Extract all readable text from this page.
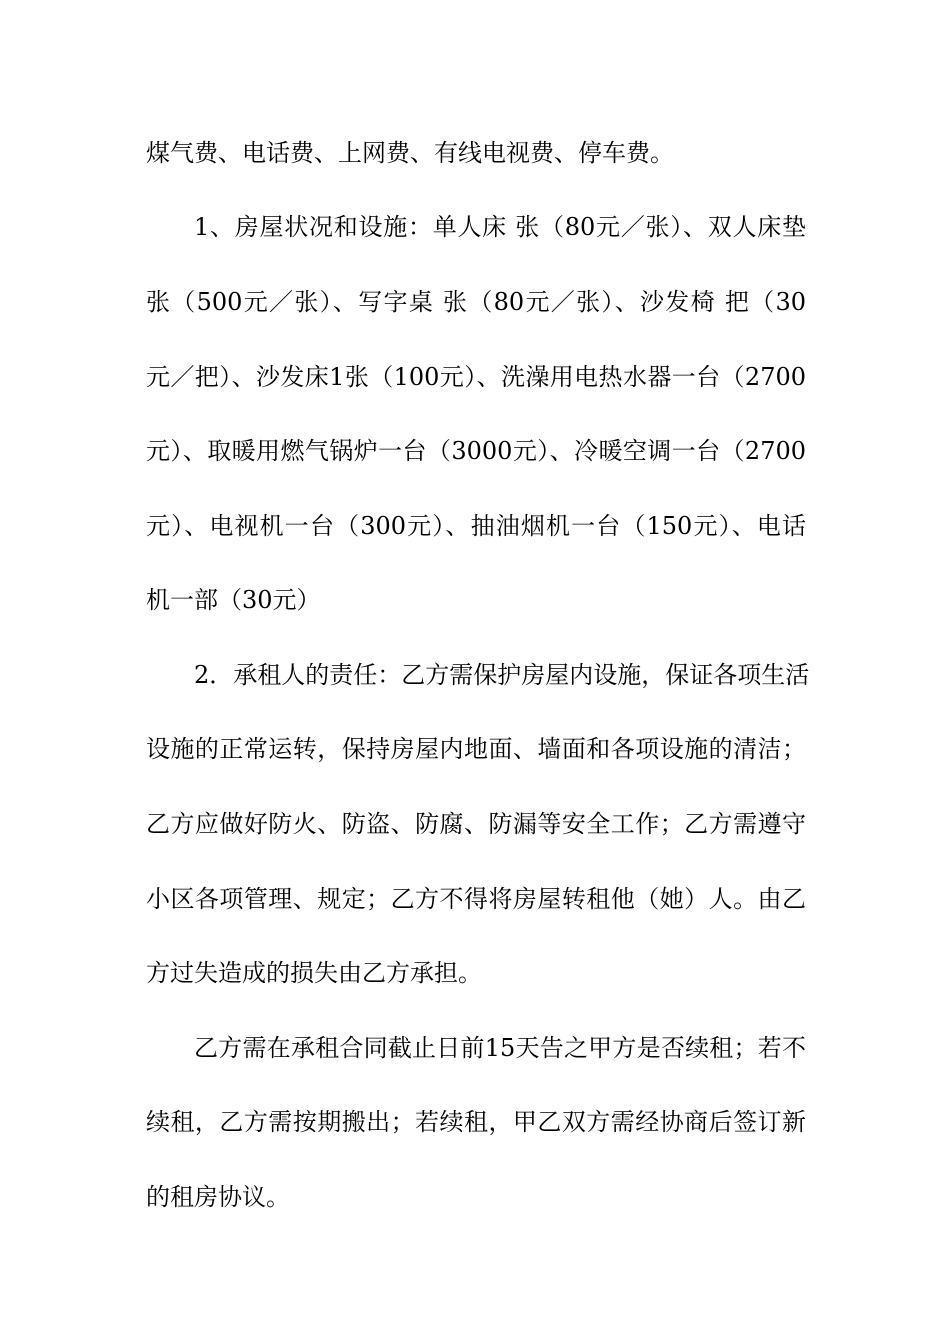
煤气费、电话费、上网费、有线电视费、停车费。
1、房屋状况和设施：单人床 张（80元／张）、双人床垫
张（500元／张）、写字桌 张（80元／张）、沙发椅 把（30
元／把）、沙发床1张（100元）、洗澡用电热水器一台（2700
元）、取暖用燃气锅炉一台（3000元）、冷暖空调一台（2700
元）、电视机一台（300元）、抽油烟机一台（150元）、电话
机一部（30元）
2．承租人的责任：乙方需保护房屋内设施，保证各项生活
设施的正常运转，保持房屋内地面、墙面和各项设施的清洁；
乙方应做好防火、防盗、防腐、防漏等安全工作；乙方需遵守
小区各项管理、规定；乙方不得将房屋转租他（她）人。由乙
方过失造成的损失由乙方承担。
乙方需在承租合同截止日前15天告之甲方是否续租；若不
续租，乙方需按期搬出；若续租，甲乙双方需经协商后签订新
的租房协议。
